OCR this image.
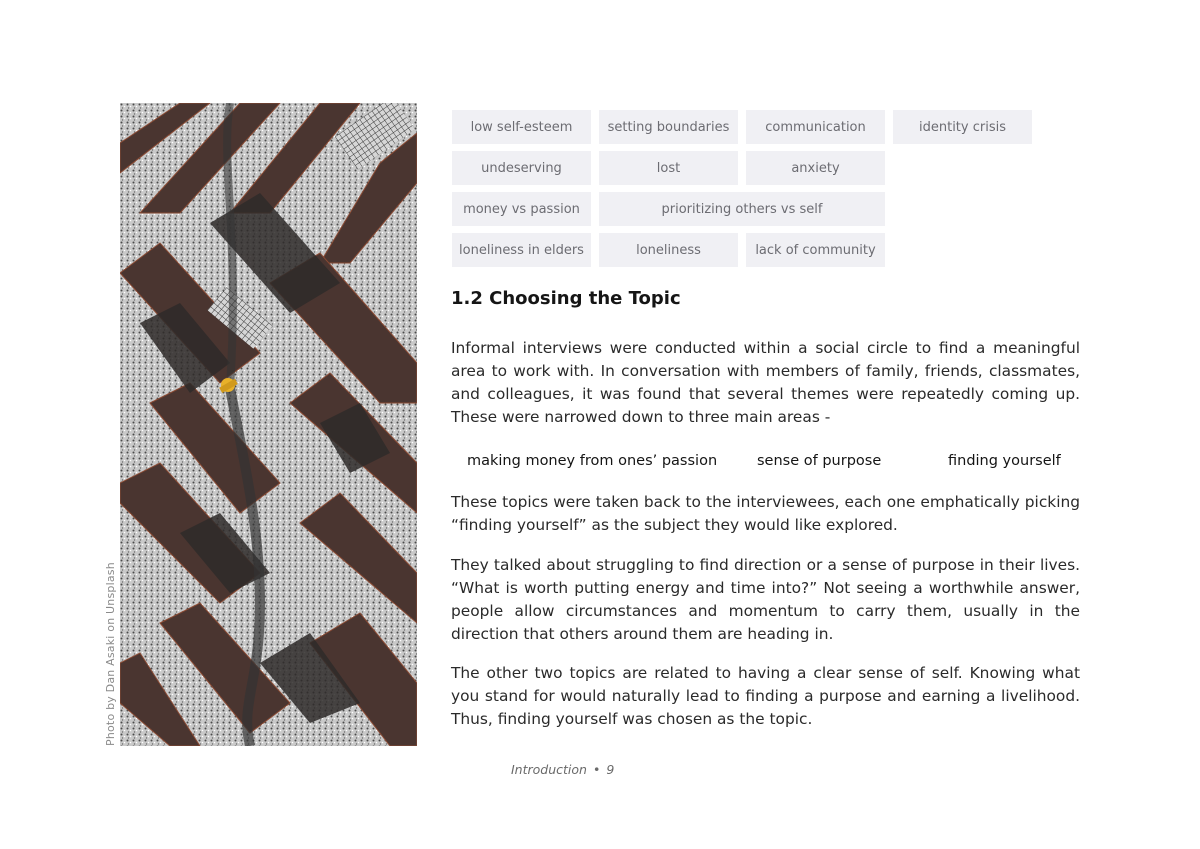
Photo by Dan Asaki on Unsplash
low self-esteem	setting boundaries	communication	identity crisis
undeserving	lost	anxiety
money vs passion	prioritizing others vs self
loneliness in elders	loneliness	lack of community
1.2 Choosing the Topic

Informal interviews were conducted within a social circle to find a meaningful area to work with. In conversation with members of family, friends, classmates, and colleagues, it was found that several themes were repeatedly coming up. These were narrowed down to three main areas -

making money from ones’ passion	sense of purpose	finding yourself

These topics were taken back to the interviewees, each one emphatically picking “finding yourself” as the subject they would like explored.

They talked about struggling to find direction or a sense of purpose in their lives. “What is worth putting energy and time into?” Not seeing a worthwhile answer, people allow circumstances and momentum to carry them, usually in the direction that others around them are heading in.

The other two topics are related to having a clear sense of self. Knowing what you stand for would naturally lead to finding a purpose and earning a livelihood. Thus, finding yourself was chosen as the topic.

Introduction • 9
